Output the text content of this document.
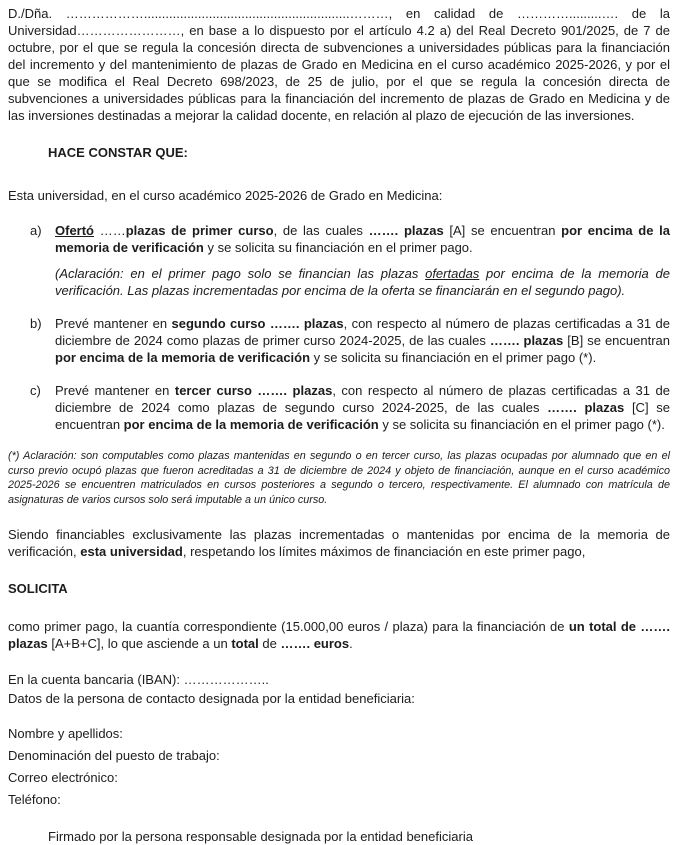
D./Dña. ……………….........................................................………, en calidad de ………….........…. de la Universidad……………………, en base a lo dispuesto por el artículo 4.2 a) del Real Decreto 901/2025, de 7 de octubre, por el que se regula la concesión directa de subvenciones a universidades públicas para la financiación del incremento y del mantenimiento de plazas de Grado en Medicina en el curso académico 2025-2026, y por el que se modifica el Real Decreto 698/2023, de 25 de julio, por el que se regula la concesión directa de subvenciones a universidades públicas para la financiación del incremento de plazas de Grado en Medicina y de las inversiones destinadas a mejorar la calidad docente, en relación al plazo de ejecución de las inversiones.

HACE CONSTAR QUE:

Esta universidad, en el curso académico 2025-2026 de Grado en Medicina:

a)	Ofertó ……plazas de primer curso, de las cuales ……. plazas [A] se encuentran por encima de la memoria de verificación y se solicita su financiación en el primer pago.

(Aclaración: en el primer pago solo se financian las plazas ofertadas por encima de la memoria de verificación. Las plazas incrementadas por encima de la oferta se financiarán en el segundo pago).

b)	Prevé mantener en segundo curso ……. plazas, con respecto al número de plazas certificadas a 31 de diciembre de 2024 como plazas de primer curso 2024-2025, de las cuales ……. plazas [B] se encuentran por encima de la memoria de verificación y se solicita su financiación en el primer pago (*).

c)	Prevé mantener en tercer curso ……. plazas, con respecto al número de plazas certificadas a 31 de diciembre de 2024 como plazas de segundo curso 2024-2025, de las cuales ……. plazas [C] se encuentran por encima de la memoria de verificación y se solicita su financiación en el primer pago (*).

(*) Aclaración: son computables como plazas mantenidas en segundo o en tercer curso, las plazas ocupadas por alumnado que en el curso previo ocupó plazas que fueron acreditadas a 31 de diciembre de 2024 y objeto de financiación, aunque en el curso académico 2025-2026 se encuentren matriculados en cursos posteriores a segundo o tercero, respectivamente. El alumnado con matrícula de asignaturas de varios cursos solo será imputable a un único curso.

Siendo financiables exclusivamente las plazas incrementadas o mantenidas por encima de la memoria de verificación, esta universidad, respetando los límites máximos de financiación en este primer pago,

SOLICITA

como primer pago, la cuantía correspondiente (15.000,00 euros / plaza) para la financiación de un total de ……. plazas [A+B+C], lo que asciende a un total de ……. euros.

En la cuenta bancaria (IBAN): ………………..

Datos de la persona de contacto designada por la entidad beneficiaria:

Nombre y apellidos:

Denominación del puesto de trabajo:

Correo electrónico:

Teléfono:

Firmado por la persona responsable designada por la entidad beneficiaria
